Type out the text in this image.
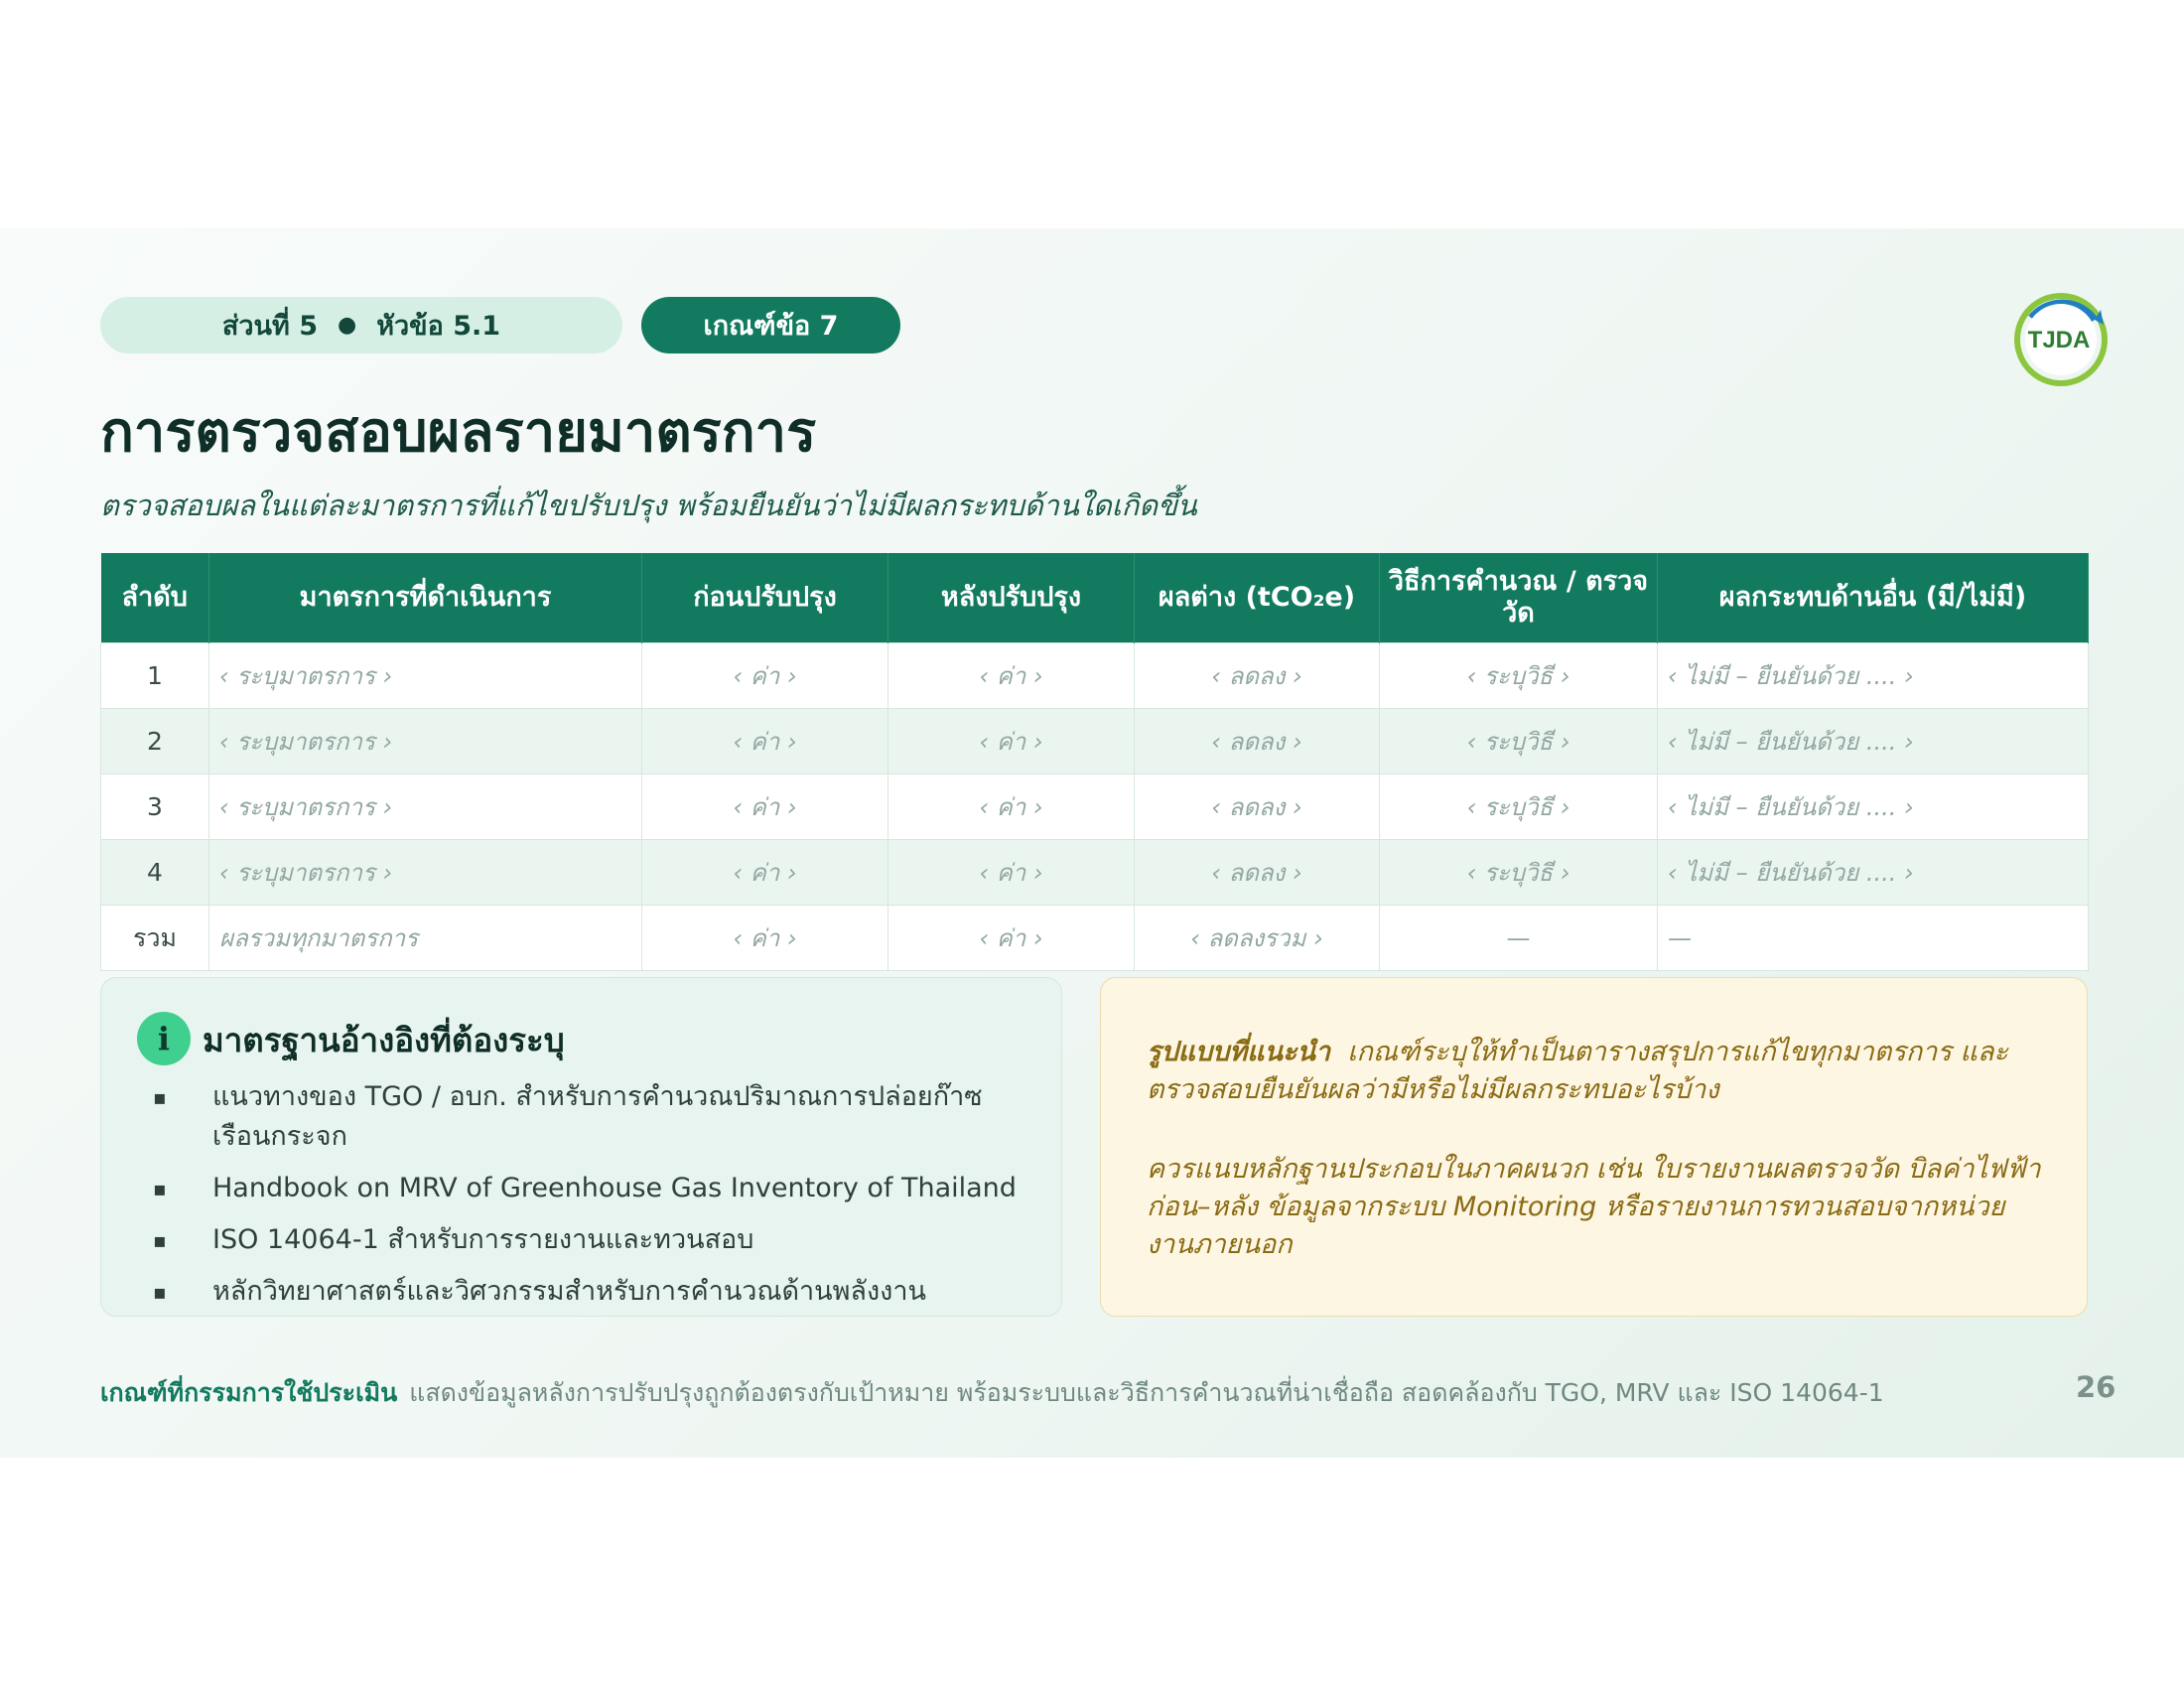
ส่วนที่ 5 ● หัวข้อ 5.1	เกณฑ์ข้อ 7	TJDA
การตรวจสอบผลรายมาตรการ

ตรวจสอบผลในแต่ละมาตรการที่แก้ไขปรับปรุง พร้อมยืนยันว่าไม่มีผลกระทบด้านใดเกิดขึ้น

ลำดับ	มาตรการที่ดำเนินการ	ก่อนปรับปรุง	หลังปรับปรุง	ผลต่าง (tCO₂e)	วิธีการคำนวณ / ตรวจวัด	ผลกระทบด้านอื่น (มี/ไม่มี)
1	‹ ระบุมาตรการ ›	‹ ค่า ›	‹ ค่า ›	‹ ลดลง ›	‹ ระบุวิธี ›	‹ ไม่มี – ยืนยันด้วย .... ›
2	‹ ระบุมาตรการ ›	‹ ค่า ›	‹ ค่า ›	‹ ลดลง ›	‹ ระบุวิธี ›	‹ ไม่มี – ยืนยันด้วย .... ›
3	‹ ระบุมาตรการ ›	‹ ค่า ›	‹ ค่า ›	‹ ลดลง ›	‹ ระบุวิธี ›	‹ ไม่มี – ยืนยันด้วย .... ›
4	‹ ระบุมาตรการ ›	‹ ค่า ›	‹ ค่า ›	‹ ลดลง ›	‹ ระบุวิธี ›	‹ ไม่มี – ยืนยันด้วย .... ›
รวม	ผลรวมทุกมาตรการ	‹ ค่า ›	‹ ค่า ›	‹ ลดลงรวม ›	—	—
i มาตรฐานอ้างอิงที่ต้องระบุ
▪ แนวทางของ TGO / อบก. สำหรับการคำนวณปริมาณการปล่อยก๊าซเรือนกระจก
▪ Handbook on MRV of Greenhouse Gas Inventory of Thailand
▪ ISO 14064-1 สำหรับการรายงานและทวนสอบ
▪ หลักวิทยาศาสตร์และวิศวกรรมสำหรับการคำนวณด้านพลังงาน

รูปแบบที่แนะนำ เกณฑ์ระบุให้ทำเป็นตารางสรุปการแก้ไขทุกมาตรการ และตรวจสอบยืนยันผลว่ามีหรือไม่มีผลกระทบอะไรบ้าง

ควรแนบหลักฐานประกอบในภาคผนวก เช่น ใบรายงานผลตรวจวัด บิลค่าไฟฟ้าก่อน–หลัง ข้อมูลจากระบบ Monitoring หรือรายงานการทวนสอบจากหน่วยงานภายนอก

เกณฑ์ที่กรรมการใช้ประเมิน แสดงข้อมูลหลังการปรับปรุงถูกต้องตรงกับเป้าหมาย พร้อมระบบและวิธีการคำนวณที่น่าเชื่อถือ สอดคล้องกับ TGO, MRV และ ISO 14064-1	26
